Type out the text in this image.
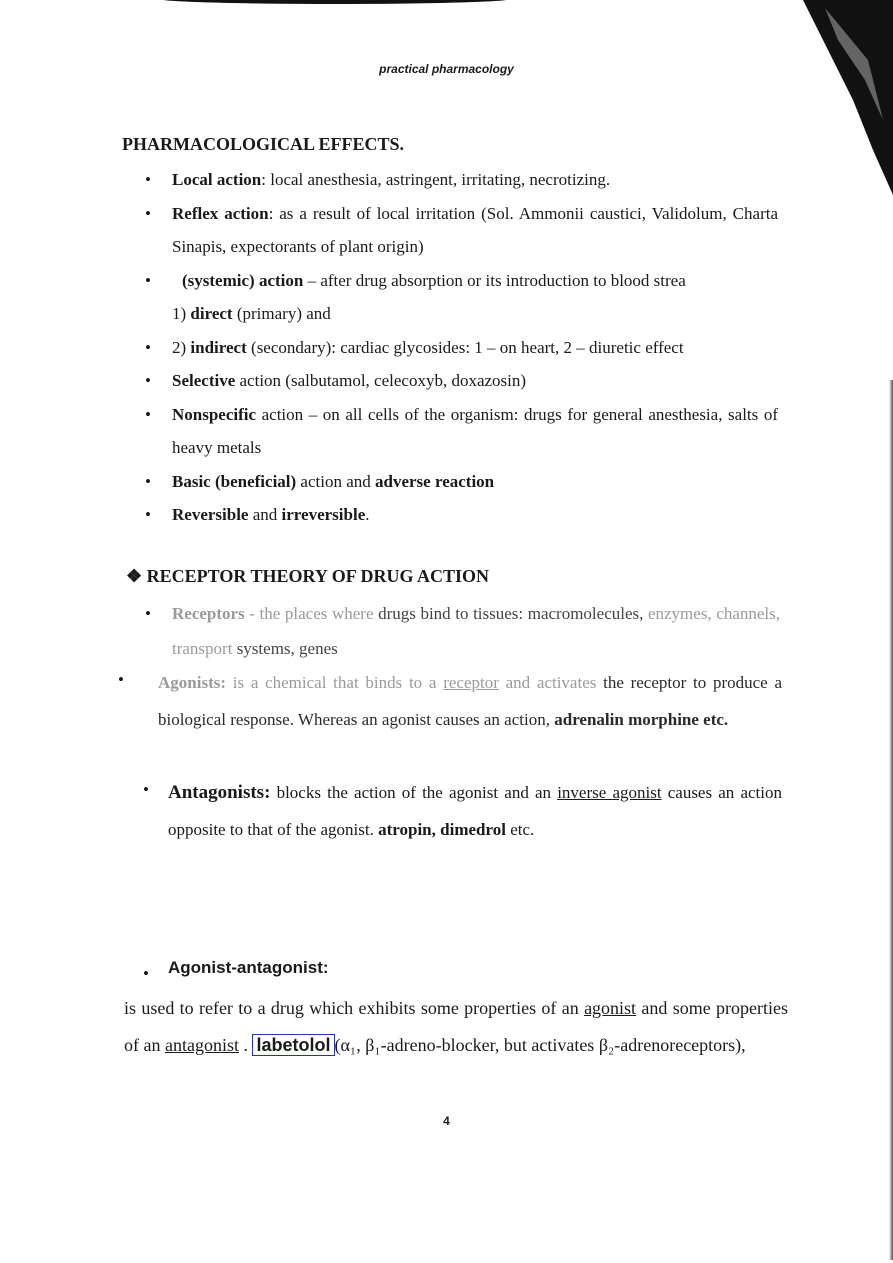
practical pharmacology
PHARMACOLOGICAL EFFECTS.
• Local action: local anesthesia, astringent, irritating, necrotizing.
• Reflex action: as a result of local irritation (Sol. Ammonii caustici, Validolum, Charta Sinapis, expectorants of plant origin)
• (systemic) action – after drug absorption or its introduction to blood strea
1) direct (primary) and
• 2) indirect (secondary): cardiac glycosides: 1 – on heart, 2 – diuretic effect
• Selective action (salbutamol, celecoxyb, doxazosin)
• Nonspecific action – on all cells of the organism: drugs for general anesthesia, salts of heavy metals
• Basic (beneficial) action and adverse reaction
• Reversible and irreversible.
❖ RECEPTOR THEORY OF DRUG ACTION
• Receptors - the places where drugs bind to tissues: macromolecules, enzymes, channels, transport systems, genes
• Agonists: is a chemical that binds to a receptor and activates the receptor to produce a biological response. Whereas an agonist causes an action, adrenalin morphine etc.
• Antagonists: blocks the action of the agonist and an inverse agonist causes an action opposite to that of the agonist. atropin, dimedrol etc.
• Agonist-antagonist:
is used to refer to a drug which exhibits some properties of an agonist and some properties of an antagonist . labetolol (α₁, β₁-adreno-blocker, but activates β₂-adrenoreceptors),
4
